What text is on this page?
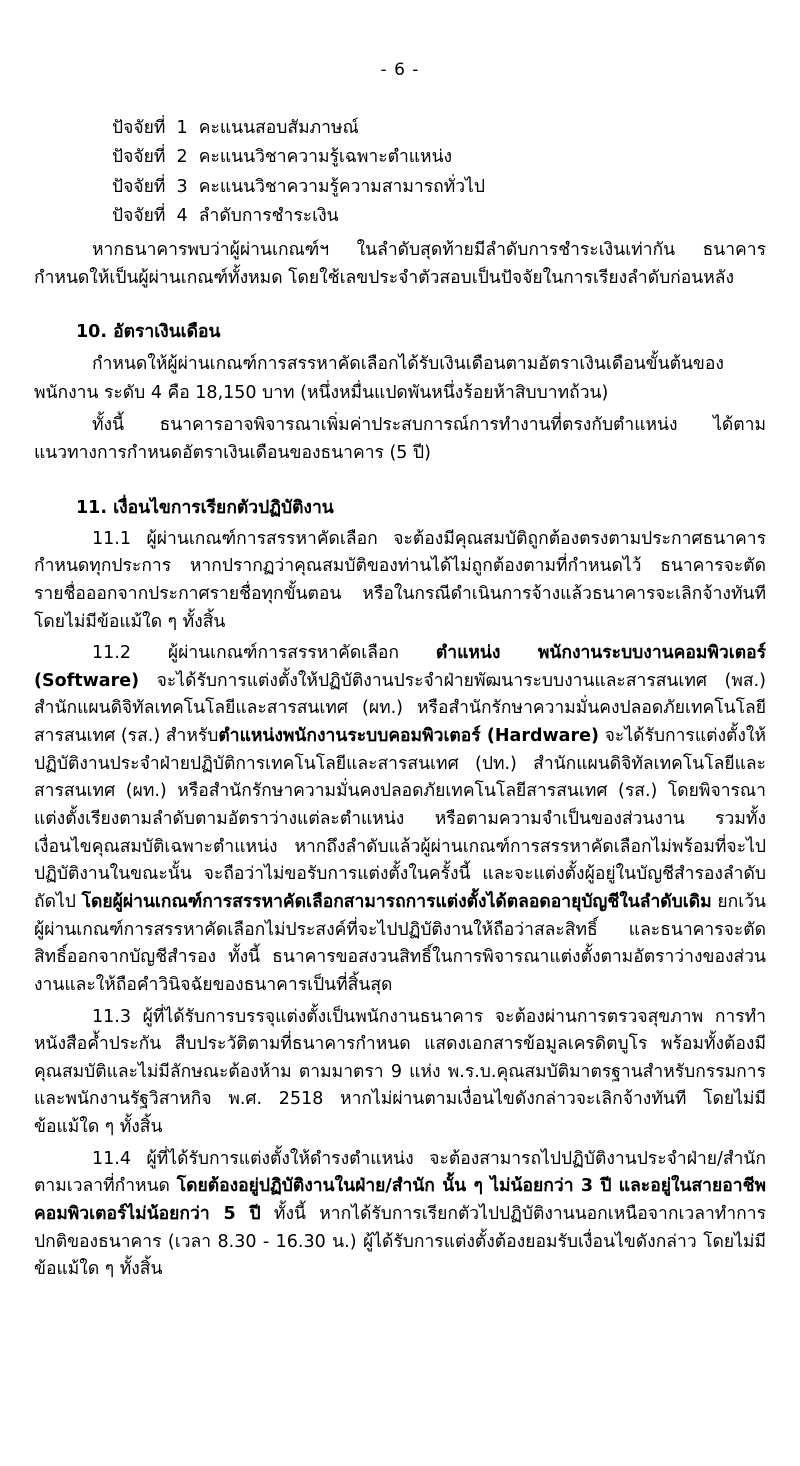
- 6 -
ปัจจัยที่  1  คะแนนสอบสัมภาษณ์
ปัจจัยที่  2  คะแนนวิชาความรู้เฉพาะตำแหน่ง
ปัจจัยที่  3  คะแนนวิชาความรู้ความสามารถทั่วไป
ปัจจัยที่  4  ลำดับการชำระเงิน

หากธนาคารพบว่าผู้ผ่านเกณฑ์ฯ ในลำดับสุดท้ายมีลำดับการชำระเงินเท่ากัน ธนาคารกำหนดให้เป็นผู้ผ่านเกณฑ์ทั้งหมด โดยใช้เลขประจำตัวสอบเป็นปัจจัยในการเรียงลำดับก่อนหลัง

10. อัตราเงินเดือน

กำหนดให้ผู้ผ่านเกณฑ์การสรรหาคัดเลือกได้รับเงินเดือนตามอัตราเงินเดือนขั้นต้นของพนักงาน ระดับ 4 คือ 18,150 บาท (หนึ่งหมื่นแปดพันหนึ่งร้อยห้าสิบบาทถ้วน)

ทั้งนี้ ธนาคารอาจพิจารณาเพิ่มค่าประสบการณ์การทำงานที่ตรงกับตำแหน่ง ได้ตามแนวทางการกำหนดอัตราเงินเดือนของธนาคาร (5 ปี)

11. เงื่อนไขการเรียกตัวปฏิบัติงาน

11.1 ผู้ผ่านเกณฑ์การสรรหาคัดเลือก จะต้องมีคุณสมบัติถูกต้องตรงตามประกาศธนาคารกำหนดทุกประการ หากปรากฏว่าคุณสมบัติของท่านได้ไม่ถูกต้องตามที่กำหนดไว้ ธนาคารจะตัดรายชื่อออกจากประกาศรายชื่อทุกขั้นตอน หรือในกรณีดำเนินการจ้างแล้วธนาคารจะเลิกจ้างทันที โดยไม่มีข้อแม้ใด ๆ ทั้งสิ้น

11.2 ผู้ผ่านเกณฑ์การสรรหาคัดเลือก ตำแหน่ง พนักงานระบบงานคอมพิวเตอร์ (Software) จะได้รับการแต่งตั้งให้ปฏิบัติงานประจำฝ่ายพัฒนาระบบงานและสารสนเทศ (พส.) สำนักแผนดิจิทัลเทคโนโลยีและสารสนเทศ (ผท.) หรือสำนักรักษาความมั่นคงปลอดภัยเทคโนโลยีสารสนเทศ (รส.) สำหรับตำแหน่งพนักงานระบบคอมพิวเตอร์ (Hardware) จะได้รับการแต่งตั้งให้ปฏิบัติงานประจำฝ่ายปฏิบัติการเทคโนโลยีและสารสนเทศ (ปท.) สำนักแผนดิจิทัลเทคโนโลยีและสารสนเทศ (ผท.) หรือสำนักรักษาความมั่นคงปลอดภัยเทคโนโลยีสารสนเทศ (รส.) โดยพิจารณาแต่งตั้งเรียงตามลำดับตามอัตราว่างแต่ละตำแหน่ง หรือตามความจำเป็นของส่วนงาน รวมทั้งเงื่อนไขคุณสมบัติเฉพาะตำแหน่ง หากถึงลำดับแล้วผู้ผ่านเกณฑ์การสรรหาคัดเลือกไม่พร้อมที่จะไปปฏิบัติงานในขณะนั้น จะถือว่าไม่ขอรับการแต่งตั้งในครั้งนี้ และจะแต่งตั้งผู้อยู่ในบัญชีสำรองลำดับถัดไป โดยผู้ผ่านเกณฑ์การสรรหาคัดเลือกสามารถการแต่งตั้งได้ตลอดอายุบัญชีในลำดับเดิม ยกเว้นผู้ผ่านเกณฑ์การสรรหาคัดเลือกไม่ประสงค์ที่จะไปปฏิบัติงานให้ถือว่าสละสิทธิ์ และธนาคารจะตัดสิทธิ์ออกจากบัญชีสำรอง ทั้งนี้ ธนาคารขอสงวนสิทธิ์ในการพิจารณาแต่งตั้งตามอัตราว่างของส่วนงานและให้ถือคำวินิจฉัยของธนาคารเป็นที่สิ้นสุด

11.3 ผู้ที่ได้รับการบรรจุแต่งตั้งเป็นพนักงานธนาคาร จะต้องผ่านการตรวจสุขภาพ การทำหนังสือค้ำประกัน สืบประวัติตามที่ธนาคารกำหนด แสดงเอกสารข้อมูลเครดิตบูโร พร้อมทั้งต้องมีคุณสมบัติและไม่มีลักษณะต้องห้าม ตามมาตรา 9 แห่ง พ.ร.บ.คุณสมบัติมาตรฐานสำหรับกรรมการและพนักงานรัฐวิสาหกิจ พ.ศ. 2518 หากไม่ผ่านตามเงื่อนไขดังกล่าวจะเลิกจ้างทันที โดยไม่มีข้อแม้ใด ๆ ทั้งสิ้น

11.4 ผู้ที่ได้รับการแต่งตั้งให้ดำรงตำแหน่ง จะต้องสามารถไปปฏิบัติงานประจำฝ่าย/สำนัก ตามเวลาที่กำหนด โดยต้องอยู่ปฏิบัติงานในฝ่าย/สำนัก นั้น ๆ ไม่น้อยกว่า 3 ปี และอยู่ในสายอาชีพคอมพิวเตอร์ไม่น้อยกว่า 5 ปี ทั้งนี้ หากได้รับการเรียกตัวไปปฏิบัติงานนอกเหนือจากเวลาทำการปกติของธนาคาร (เวลา 8.30 - 16.30 น.) ผู้ได้รับการแต่งตั้งต้องยอมรับเงื่อนไขดังกล่าว โดยไม่มีข้อแม้ใด ๆ ทั้งสิ้น
